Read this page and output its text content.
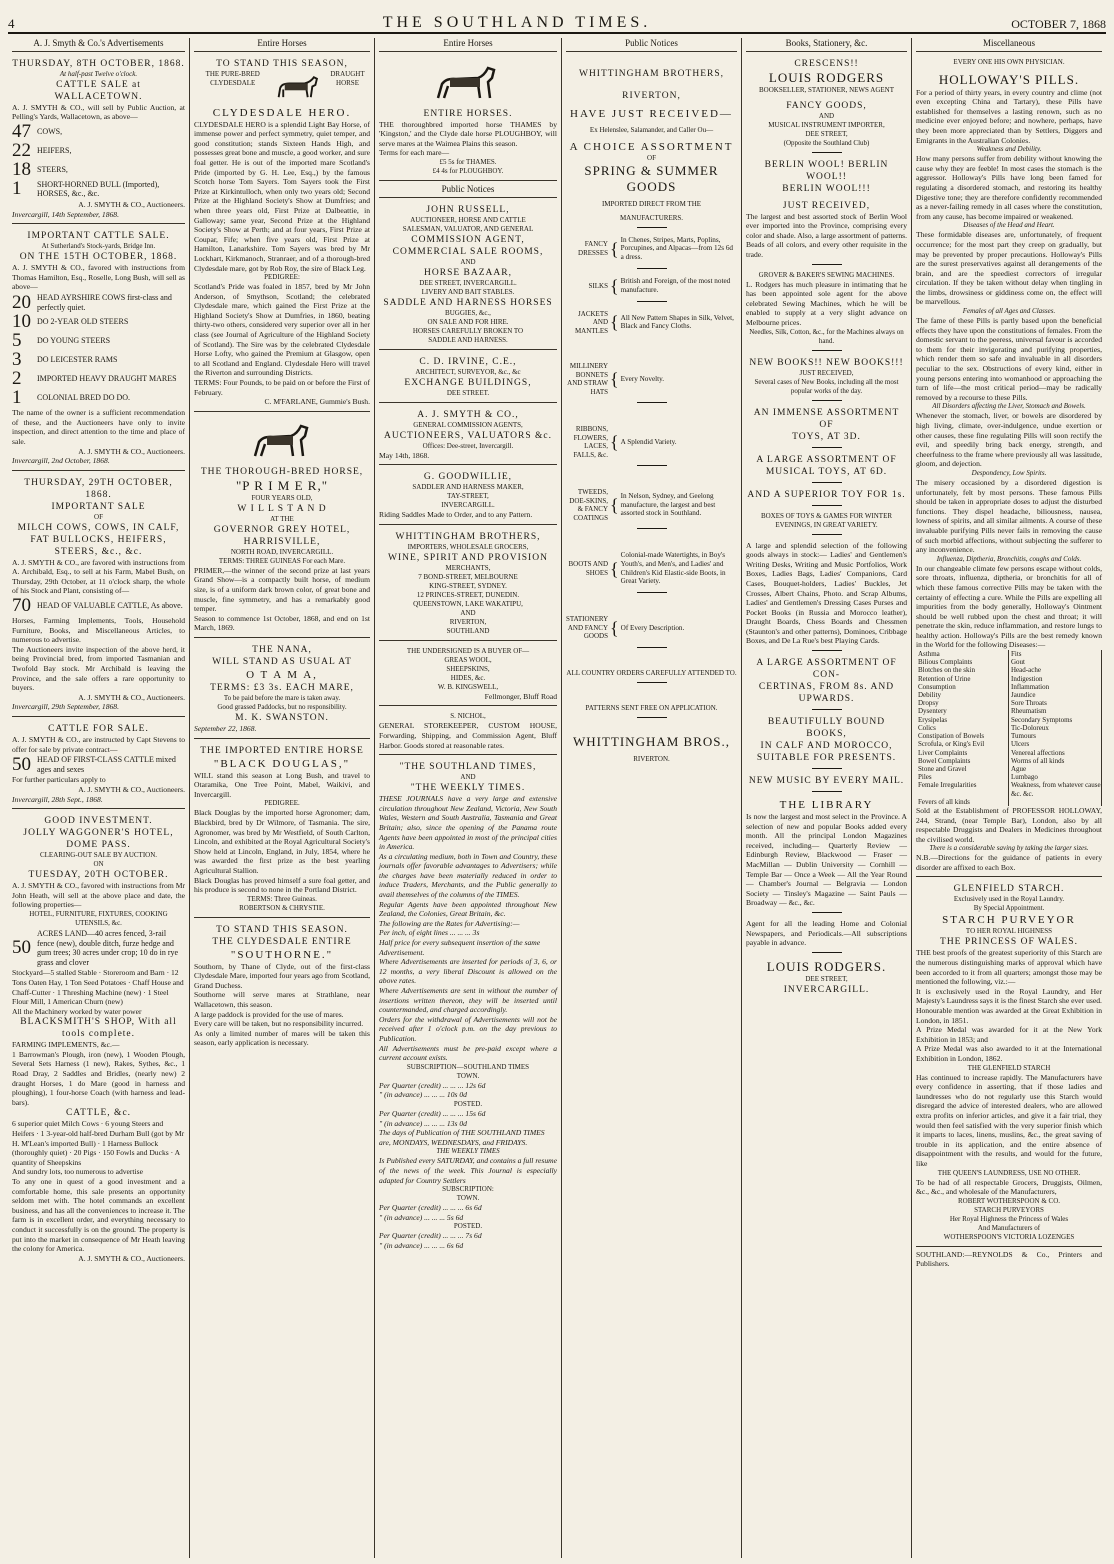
4	THE SOUTHLAND TIMES.	OCTOBER 7, 1868
A. J. Smyth & Co.'s Advertisements
THURSDAY, 8TH OCTOBER, 1868.
At half-past Twelve o'clock.
CATTLE SALE at WALLACETOWN.
A. J. SMYTH & CO., will sell by Public Auction, at Pelling's Yards, Wallacetown, as above—
47 COWS,
22 HEIFERS,
18 STEERS,
1	SHORT-HORNED BULL (Imported), HORSES, &c., &c.
A. J. SMYTH & CO., Auctioneers.
Invercargill, 14th September, 1868.
IMPORTANT CATTLE SALE.
At Sutherland's Stock-yards, Bridge Inn.
ON THE 15TH OCTOBER, 1868.
A. J. SMYTH & CO., favored with instructions from Thomas Hamilton, Esq., Roselle, Long Bush, will sell as above—
20 HEAD AYRSHIRE COWS first-class and perfectly quiet.
10 DO 2-YEAR OLD STEERS
5	DO YOUNG STEERS
3	DO LEICESTER RAMS
2	IMPORTED HEAVY DRAUGHT MARES
1	COLONIAL BRED DO DO.
The name of the owner is a sufficient recommendation of these, and the Auctioneers have only to invite inspection, and direct attention to the time and place of sale.
A. J. SMYTH & CO., Auctioneers.
Invercargill, 2nd October, 1868.
THURSDAY, 29TH OCTOBER, 1868.
IMPORTANT SALE
OF
MILCH COWS, COWS, IN CALF, FAT BULLOCKS, HEIFERS, STEERS, &c., &c.
A. J. SMYTH & CO., are favored with instructions from A. Archibald, Esq., to sell at his Farm, Mabel Bush, on Thursday, 29th October, at 11 o'clock sharp, the whole of his Stock and Plant, consisting of—
70 HEAD OF VALUABLE CATTLE, As above.
Horses, Farming Implements, Tools, Household Furniture, Books, and Miscellaneous Articles, to numerous to advertise.
The Auctioneers invite inspection of the above herd, it being Provincial bred, from imported Tasmanian and Twofold Bay stock. Mr Archibald is leaving the Province, and the sale offers a rare opportunity to buyers.
A. J. SMYTH & CO., Auctioneers.
Invercargill, 29th September, 1868.
CATTLE FOR SALE.
A. J. SMYTH & CO., are instructed by Capt Stevens to offer for sale by private contract—
50 HEAD OF FIRST-CLASS CATTLE mixed ages and sexes
For further particulars apply to
A. J. SMYTH & CO., Auctioneers.
Invercargill, 28th Sept., 1868.
GOOD INVESTMENT.
JOLLY WAGGONER'S HOTEL, DOME PASS.
CLEARING-OUT SALE BY AUCTION.
ON
TUESDAY, 20TH OCTOBER.
A. J. SMYTH & CO., favored with instructions from Mr John Heath, will sell at the above place and date, the following properties—
HOTEL, FURNITURE, FIXTURES, COOKING UTENSILS, &c.
50
ACRES LAND—40 acres fenced, 3-rail fence (new), double ditch, furze hedge and gum trees; 30 acres under crop; 10 do in rye grass and clover
Stockyard—5 stalled Stable · Storeroom and Barn · 12 Tons Oaten Hay, 1 Ton Seed Potatoes · Chaff House and Chaff-Cutter · 1 Threshing Machine (new) · 1 Steel Flour Mill, 1 American Churn (new)
All the Machinery worked by water power
BLACKSMITH'S SHOP, With all tools complete.
FARMING IMPLEMENTS, &c.—
1 Barrowman's Plough, iron (new), 1 Wooden Plough, Several Sets Harness (1 new), Rakes, Sythes, &c., 1 Road Dray, 2 Saddles and Bridles, (nearly new) 2 draught Horses, 1 do Mare (good in harness and ploughing), 1 four-horse Coach (with harness and lead-bars).
CATTLE, &c.
6 superior quiet Milch Cows · 6 young Steers and Heifers · 1 3-year-old half-bred Durham Bull (got by Mr H. M'Lean's imported Bull) · 1 Harness Bullock (thoroughly quiet) · 20 Pigs · 150 Fowls and Ducks · A quantity of Sheepskins
And sundry lots, too numerous to advertise
To any one in quest of a good investment and a comfortable home, this sale presents an opportunity seldom met with. The hotel commands an excellent business, and has all the conveniences to increase it. The farm is in excellent order, and everything necessary to conduct it successfully is on the ground. The property is put into the market in consequence of Mr Heath leaving the colony for America.
A. J. SMYTH & CO., Auctioneers.
Entire Horses
TO STAND THIS SEASON,
THE PURE-BRED CLYDESDALE
DRAUGHT HORSE
CLYDESDALE HERO.
CLYDESDALE HERO is a splendid Light Bay Horse, of immense power and perfect symmetry, quiet temper, and good constitution; stands Sixteen Hands High, and possesses great bone and muscle, a good worker, and sure foal getter. He is out of the imported mare Scotland's Pride (imported by G. H. Lee, Esq.,) by the famous Scotch horse Tom Sayers. Tom Sayers took the First Prize at Kirkintulloch, when only two years old; Second Prize at the Highland Society's Show at Dumfries; and when three years old, First Prize at Dalbeattie, in Galloway; same year, Second Prize at the Highland Society's Show at Perth; and at four years, First Prize at Coupar, Fife; when five years old, First Prize at Hamilton, Lanarkshire. Tom Sayers was bred by Mr Lockhart, Kirkmanoch, Stranraer, and of a thorough-bred Clydesdale mare, got by Rob Roy, the sire of Black Leg.
PEDIGREE:
Scotland's Pride was foaled in 1857, bred by Mr John Anderson, of Smythson, Scotland; the celebrated Clydesdale mare, which gained the First Prize at the Highland Society's Show at Dumfries, in 1860, beating thirty-two others, considered very superior over all in her class (see Journal of Agriculture of the Highland Society of Scotland). The Sire was by the celebrated Clydesdale Horse Lofty, who gained the Premium at Glasgow, open to all Scotland and England. Clydesdale Hero will travel the Riverton and surrounding Districts.
TERMS: Four Pounds, to be paid on or before the First of February.
C. M'FARLANE, Gummie's Bush.
THE THOROUGH-BRED HORSE,
"P R I M E R,"
FOUR YEARS OLD,
W I L L S T A N D
AT THE
GOVERNOR GREY HOTEL,
HARRISVILLE,
NORTH ROAD, INVERCARGILL.
TERMS: THREE GUINEAS For each Mare.
PRIMER,—the winner of the second prize at last years Grand Show—is a compactly built horse, of medium size, is of a uniform dark brown color, of great bone and muscle, fine symmetry, and has a remarkably good temper.
Season to commence 1st October, 1868, and end on 1st March, 1869.
THE NANA,
WILL STAND AS USUAL AT
O T A M A,
TERMS: £3 3s. EACH MARE,
To be paid before the mare is taken away.
Good grassed Paddocks, but no responsibility.
M. K. SWANSTON.
September 22, 1868.
THE IMPORTED ENTIRE HORSE
"BLACK DOUGLAS,"
WILL stand this season at Long Bush, and travel to Otaramika, One Tree Point, Mabel, Waikivi, and Invercargill.
PEDIGREE.
Black Douglas by the imported horse Agronomer; dam, Blackbird, bred by Dr Wilmore, of Tasmania. The sire, Agronomer, was bred by Mr Westfield, of South Carlton, Lincoln, and exhibited at the Royal Agricultural Society's Show held at Lincoln, England, in July, 1854, where he was awarded the first prize as the best yearling Agricultural Stallion.
Black Douglas has proved himself a sure foal getter, and his produce is second to none in the Portland District.
TERMS: Three Guineas.
ROBERTSON & CHRYSTIE.
TO STAND THIS SEASON.
THE CLYDESDALE ENTIRE
"SOUTHORNE."
Southorn, by Thane of Clyde, out of the first-class Clydesdale Mare, imported four years ago from Scotland, Grand Duchess.
Southorne will serve mares at Strathlane, near Wallacetown, this season.
A large paddock is provided for the use of mares.
Every care will be taken, but no responsibility incurred.
As only a limited number of mares will be taken this season, early application is necessary.
Entire Horses
ENTIRE HORSES.
THE thoroughbred imported horse THAMES by 'Kingston,' and the Clyde dale horse PLOUGHBOY, will serve mares at the Waimea Plains this season.
Terms for each mare—
£5 5s for THAMES.
£4 4s for PLOUGHBOY.
Public Notices
JOHN RUSSELL,
AUCTIONEER, HORSE AND CATTLE
SALESMAN, VALUATOR, AND GENERAL
COMMISSION AGENT,
COMMERCIAL SALE ROOMS,
AND
HORSE BAZAAR,
DEE STREET, INVERCARGILL.
LIVERY AND BAIT STABLES.
SADDLE AND HARNESS HORSES
BUGGIES, &c.,
ON SALE AND FOR HIRE.
HORSES CAREFULLY BROKEN TO
SADDLE AND HARNESS.
C. D. IRVINE, C.E.,
ARCHITECT, SURVEYOR, &c., &c
EXCHANGE BUILDINGS,
DEE STREET.
A. J. SMYTH & CO.,
GENERAL COMMISSION AGENTS,
AUCTIONEERS, VALUATORS &c.
Offices: Dee-street, Invercargill.
May 14th, 1868.
G. GOODWILLIE,
SADDLER AND HARNESS MAKER,
TAY-STREET,
INVERCARGILL.
Riding Saddles Made to Order, and to any Pattern.
WHITTINGHAM BROTHERS,
IMPORTERS, WHOLESALE GROCERS,
WINE, SPIRIT AND PROVISION
MERCHANTS,
7 BOND-STREET, MELBOURNE
KING-STREET, SYDNEY.
12 PRINCES-STREET, DUNEDIN.
QUEENSTOWN, LAKE WAKATIPU,
AND
RIVERTON,
SOUTHLAND
THE UNDERSIGNED IS A BUYER OF—
GREAS WOOL,
SHEEPSKINS,
HIDES, &c.
W. B. KINGSWELL,
Fellmonger, Bluff Road
S. NICHOL,
GENERAL STOREKEEPER, CUSTOM HOUSE, Forwarding, Shipping, and Commission Agent, Bluff Harbor. Goods stored at reasonable rates.
"THE SOUTHLAND TIMES,
AND
"THE WEEKLY TIMES.
THESE JOURNALS have a very large and extensive circulation throughout New Zealand, Victoria, New South Wales, Western and South Australia, Tasmania and Great Britain; also, since the opening of the Panama route Agents have been appointed in most of the principal cities in America.
As a circulating medium, both in Town and Country, these journals offer favorable advantages to Advertisers; while the charges have been materially reduced in order to induce Traders, Merchants, and the Public generally to avail themselves of the columns of the TIMES.
Regular Agents have been appointed throughout New Zealand, the Colonies, Great Britain, &c.
The following are the Rates for Advertising:—
Per inch, of eight lines ... ... ... 3s
Half price for every subsequent insertion of the same Advertisement.
Where Advertisements are inserted for periods of 3, 6, or 12 months, a very liberal Discount is allowed on the above rates.
Where Advertisements are sent in without the number of insertions written thereon, they will be inserted until countermanded, and charged accordingly.
Orders for the withdrawal of Advertisements will not be received after 1 o'clock p.m. on the day previous to Publication.
All Advertisements must be pre-paid except where a current account exists.
SUBSCRIPTION—SOUTHLAND TIMES
TOWN.
Per Quarter (credit) ... ... ... 12s 6d
" (in advance) ... ... ... 10s 0d
POSTED.
Per Quarter (credit) ... ... ... 15s 6d
" (in advance) ... ... ... 13s 0d
The days of Publication of THE SOUTHLAND TIMES are, MONDAYS, WEDNESDAYS, and FRIDAYS.
THE WEEKLY TIMES
Is Published every SATURDAY, and contains a full resume of the news of the week. This Journal is especially adapted for Country Settlers
SUBSCRIPTION:
TOWN.
Per Quarter (credit) ... ... ... 6s 6d
" (in advance) ... ... ... 5s 6d
POSTED.
Per Quarter (credit) ... ... ... 7s 6d
" (in advance) ... ... ... 6s 6d
Public Notices
WHITTINGHAM BROTHERS,
RIVERTON,
HAVE JUST RECEIVED—
Ex Helenslee, Salamander, and Caller Ou—
A CHOICE ASSORTMENT
OF
SPRING & SUMMER GOODS
IMPORTED DIRECT FROM THE
MANUFACTURERS.
FANCY DRESSES { In Chenes, Stripes, Marts, Poplins, Porcupines, and Alpacas—from 12s 6d a dress.
SILKS { British and Foreign, of the most noted manufacture.
JACKETS AND MANTLES { All New Pattern Shapes in Silk, Velvet, Black and Fancy Cloths.
MILLINERY BONNETS AND STRAW HATS
{ Every Novelty.
RIBBONS, FLOWERS, LACES, FALLS, &c.
{ A Splendid Variety.
TWEEDS, DOE-SKINS, & FANCY COATINGS
{ In Nelson, Sydney, and Geelong manufacture, the largest and best assorted stock in Southland.
BOOTS AND SHOES {
Colonial-made Watertights, in Boy's Youth's, and Men's, and Ladies' and Children's Kid Elastic-side Boots, in Great Variety.
STATIONERY AND FANCY GOODS { Of Every Description.
ALL COUNTRY ORDERS CAREFULLY ATTENDED TO.
PATTERNS SENT FREE ON APPLICATION.
WHITTINGHAM BROS.,
RIVERTON.
Books, Stationery, &c.
CRESCENS!!
LOUIS RODGERS
BOOKSELLER, STATIONER, NEWS AGENT
FANCY GOODS,
AND
MUSICAL INSTRUMENT IMPORTER,
DEE STREET,
(Opposite the Southland Club)
BERLIN WOOL! BERLIN WOOL!!
BERLIN WOOL!!!
JUST RECEIVED,
The largest and best assorted stock of Berlin Wool ever imported into the Province, comprising every color and shade. Also, a large assortment of patterns. Beads of all colors, and every other requisite in the trade.
GROVER & BAKER'S SEWING MACHINES.
L. Rodgers has much pleasure in intimating that he has been appointed sole agent for the above celebrated Sewing Machines, which he will be enabled to supply at a very slight advance on Melbourne prices.
Needles, Silk, Cotton, &c., for the Machines always on hand.
NEW BOOKS!! NEW BOOKS!!!
JUST RECEIVED,
Several cases of New Books, including all the most popular works of the day.
AN IMMENSE ASSORTMENT OF
TOYS, AT 3D.
A LARGE ASSORTMENT OF
MUSICAL TOYS, AT 6D.
AND A SUPERIOR TOY FOR 1s.
BOXES OF TOYS & GAMES FOR WINTER
EVENINGS, IN GREAT VARIETY.
A large and splendid selection of the following goods always in stock:— Ladies' and Gentlemen's Writing Desks, Writing and Music Portfolios, Work Boxes, Ladies Bags, Ladies' Companions, Card Cases, Bouquet-holders, Ladies' Buckles, Jet Crosses, Albert Chains, Photo. and Scrap Albums, Ladies' and Gentlemen's Dressing Cases Purses and Pocket Books (in Russia and Morocco leather), Draught Boards, Chess Boards and Chessmen (Staunton's and other patterns), Dominoes, Cribbage Boxes, and De La Rue's best Playing Cards.
A LARGE ASSORTMENT OF CON-
CERTINAS, FROM 8s. AND UPWARDS.
BEAUTIFULLY BOUND BOOKS,
IN CALF AND MOROCCO,
SUITABLE FOR PRESENTS.
NEW MUSIC BY EVERY MAIL.
THE LIBRARY
Is now the largest and most select in the Province. A selection of new and popular Books added every month. All the principal London Magazines received, including— Quarterly Review — Edinburgh Review, Blackwood — Fraser — MacMillan — Dublin University — Cornhill — Temple Bar — Once a Week — All the Year Round — Chamber's Journal — Belgravia — London Society — Tinsley's Magazine — Saint Pauls — Broadway — &c., &c.
Agent for all the leading Home and Colonial Newspapers, and Periodicals.—All subscriptions payable in advance.
LOUIS RODGERS.
DEE STREET,
INVERCARGILL.
Miscellaneous
EVERY ONE HIS OWN PHYSICIAN.
HOLLOWAY'S PILLS.
For a period of thirty years, in every country and clime (not even excepting China and Tartary), these Pills have established for themselves a lasting renown, such as no medicine ever enjoyed before; and nowhere, perhaps, have they been more appreciated than by Settlers, Diggers and Emigrants in the Australian Colonies.
Weakness and Debility.
How many persons suffer from debility without knowing the cause why they are feeble! In most cases the stomach is the aggressor. Holloway's Pills have long been famed for regulating a disordered stomach, and restoring its healthy Digestive tone; they are therefore confidently recommended as a never-failing remedy in all cases where the constitution, from any cause, has become impaired or weakened.
Diseases of the Head and Heart.
These formidable diseases are, unfortunately, of frequent occurrence; for the most part they creep on gradually, but may be prevented by proper precautions. Holloway's Pills are the surest preservatives against all derangements of the brain, and are the speediest correctors of irregular circulation. If they be taken without delay when tingling in the limbs, drowsiness or giddiness come on, the effect will be marvellous.
Females of all Ages and Classes.
The fame of these Pills is partly based upon the beneficial effects they have upon the constitutions of females. From the domestic servant to the peeress, universal favour is accorded to them for their invigorating and purifying properties, which render them so safe and invaluable in all disorders peculiar to the sex. Obstructions of every kind, either in young persons entering into womanhood or approaching the turn of life—the most critical period—may be radically removed by a recourse to these Pills.
All Disorders affecting the Liver, Stomach and Bowels.
Whenever the stomach, liver, or bowels are disordered by high living, climate, over-indulgence, undue exertion or other causes, these fine regulating Pills will soon rectify the evil, and speedily bring back energy, strength, and cheerfulness to the frame where previously all was lassitude, gloom, and dejection.
Despondency, Low Spirits.
The misery occasioned by a disordered digestion is unfortunately, felt by most persons. These famous Pills should be taken in appropriate doses to adjust the disturbed functions. They dispel headache, biliousness, nausea, lowness of spirits, and all similar ailments. A course of these invaluable purifying Pills never fails in removing the cause of such morbid affections, without subjecting the sufferer to any inconvenience.
Influenza, Diptheria, Bronchitis, coughs and Colds.
In our changeable climate few persons escape without colds, sore throats, influenza, diptheria, or bronchitis for all of which these famous corrective Pills may be taken with the certainty of effecting a cure. While the Pills are expelling all impurities from the body generally, Holloway's Ointment should be well rubbed upon the chest and throat; it will penetrate the skin, reduce inflammation, and restore lungs to healthy action. Holloway's Pills are the best remedy known in the World for the following Diseases:—
Asthma	Fits
Bilious Complaints	Gout
Blotches on the skin	Head-ache
Retention of Urine	Indigestion
Consumption	Inflammation
Debility	Jaundice
Dropsy	Sore Throats
Dysentery	Rheumatism
Erysipelas	Secondary Symptoms
Colics	Tic-Doloreux
Constipation of Bowels	Tumours
Scrofula, or King's Evil	Ulcers
Liver Complaints	Venereal affections
Bowel Complaints	Worms of all kinds
Stone and Gravel	Ague
Piles	Lumbago
Female Irregularities	Weakness, from whatever cause &c. &c.
Fevers of all kinds
Sold at the Establishment of PROFESSOR HOLLOWAY, 244, Strand, (near Temple Bar), London, also by all respectable Druggists and Dealers in Medicines throughout the civilised world.
There is a considerable saving by taking the larger sizes.
N.B.—Directions for the guidance of patients in every disorder are affixed to each Box.
GLENFIELD STARCH.
Exclusively used in the Royal Laundry.
By Special Appointment.
STARCH PURVEYOR
TO HER ROYAL HIGHNESS
THE PRINCESS OF WALES.
THE best proofs of the greatest superiority of this Starch are the numerous distinguishing marks of approval which have been accorded to it from all quarters; amongst those may be mentioned the following, viz.:—
It is exclusively used in the Royal Laundry, and Her Majesty's Laundress says it is the finest Starch she ever used.
Honourable mention was awarded at the Great Exhibition in London, in 1851.
A Prize Medal was awarded for it at the New York Exhibition in 1853; and
A Prize Medal was also awarded to it at the International Exhibition in London, 1862.
THE GLENFIELD STARCH
Has continued to increase rapidly. The Manufacturers have every confidence in asserting, that if those ladies and laundresses who do not regularly use this Starch would disregard the advice of interested dealers, who are allowed extra profits on inferior articles, and give it a fair trial, they would then feel satisfied with the very superior finish which it imparts to laces, linens, muslins, &c., the great saving of trouble in its application, and the entire absence of disappointment with the results, and would for the future, like
THE QUEEN'S LAUNDRESS, USE NO OTHER.
To be had of all respectable Grocers, Druggists, Oilmen, &c., &c., and wholesale of the Manufacturers,
ROBERT WOTHERSPOON & CO.
STARCH PURVEYORS
Her Royal Highness the Princess of Wales
And Manufacturers of
WOTHERSPOON'S VICTORIA LOZENGES
SOUTHLAND:—REYNOLDS & Co., Printers and Publishers.
